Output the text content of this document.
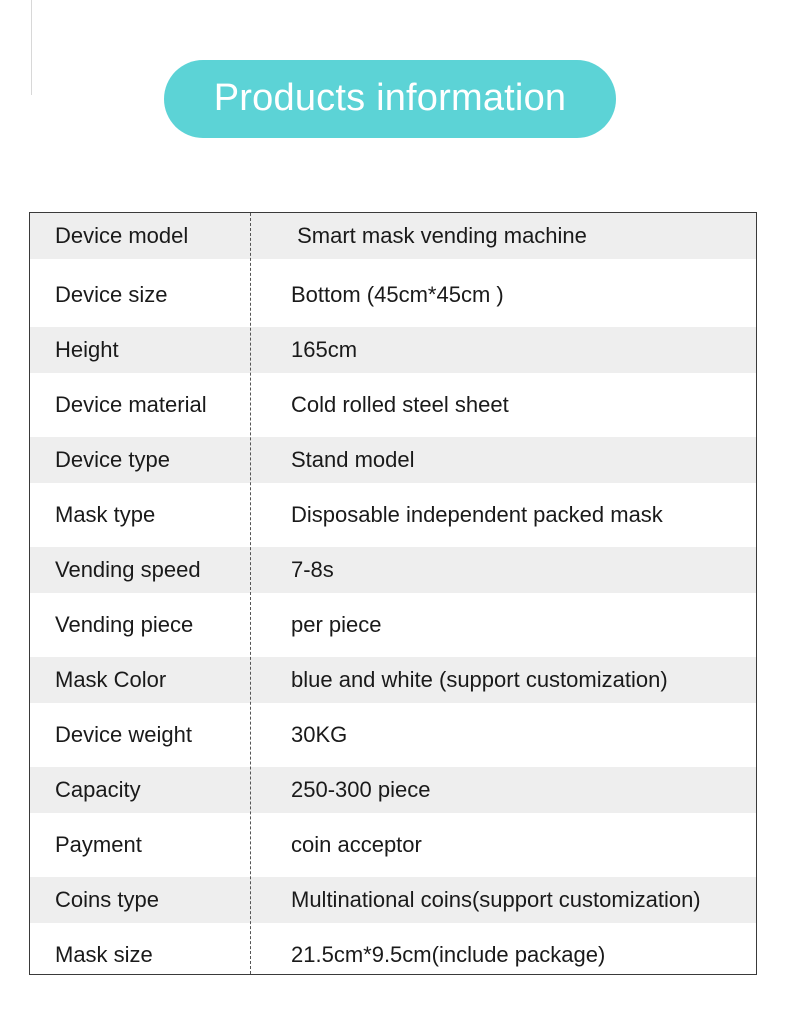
Products information
Device model	Smart mask vending machine
Device size	Bottom (45cm*45cm )
Height	165cm
Device material	Cold rolled steel sheet
Device type	Stand model
Mask type	Disposable independent packed mask
Vending speed	7-8s
Vending piece	per piece
Mask Color	blue and white (support customization)
Device weight	30KG
Capacity	250-300 piece
Payment	coin acceptor
Coins type	Multinational coins(support customization)
Mask size	21.5cm*9.5cm(include package)
